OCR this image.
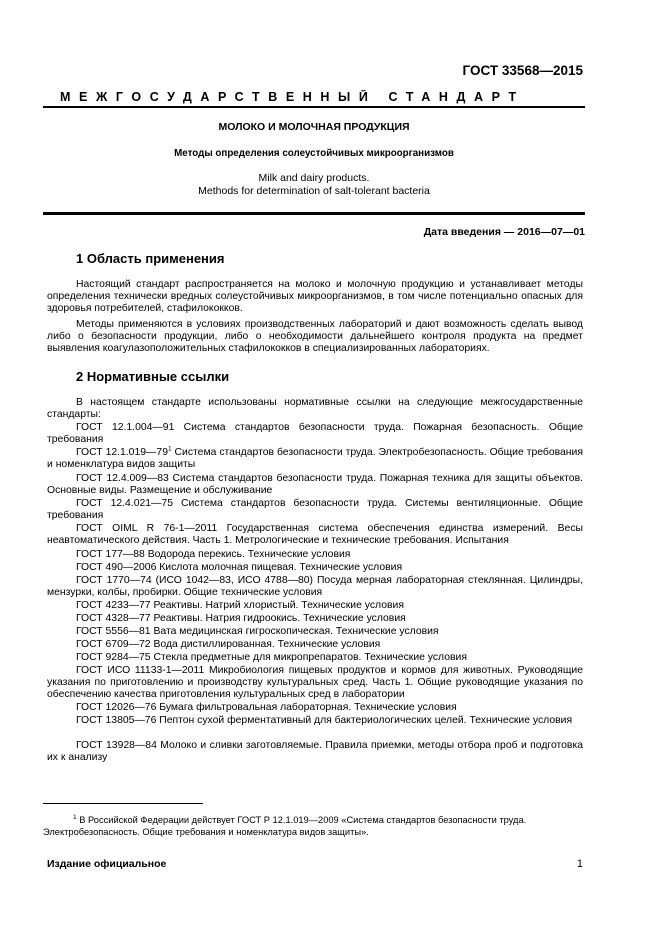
ГОСТ 33568—2015
МЕЖГОСУДАРСТВЕННЫЙ СТАНДАРТ
МОЛОКО И МОЛОЧНАЯ ПРОДУКЦИЯ
Методы определения солеустойчивых микроорганизмов
Milk and dairy products.
Methods for determination of salt-tolerant bacteria
Дата введения — 2016—07—01
1 Область применения
Настоящий стандарт распространяется на молоко и молочную продукцию и устанавливает методы определения технически вредных солеустойчивых микроорганизмов, в том числе потенциально опасных для здоровья потребителей, стафилококков.
Методы применяются в условиях производственных лабораторий и дают возможность сделать вывод либо о безопасности продукции, либо о необходимости дальнейшего контроля продукта на предмет выявления коагулазоположительных стафилококков в специализированных лабораториях.
2 Нормативные ссылки
В настоящем стандарте использованы нормативные ссылки на следующие межгосударственные стандарты:
ГОСТ 12.1.004—91 Система стандартов безопасности труда. Пожарная безопасность. Общие требования
ГОСТ $12.1.019—79^1$ Система стандартов безопасности труда. Электробезопасность. Общие требования и номенклатура видов защиты
ГОСТ 12.4.009—83 Система стандартов безопасности труда. Пожарная техника для защиты объектов. Основные виды. Размещение и обслуживание
ГОСТ 12.4.021—75 Система стандартов безопасности труда. Системы вентиляционные. Общие требования
ГОСТ OIML R 76-1—2011 Государственная система обеспечения единства измерений. Весы неавтоматического действия. Часть 1. Метрологические и технические требования. Испытания
ГОСТ 177—88 Водорода перекись. Технические условия
ГОСТ 490—2006 Кислота молочная пищевая. Технические условия
ГОСТ 1770—74 (ИСО 1042—83, ИСО 4788—80) Посуда мерная лабораторная стеклянная. Цилиндры, мензурки, колбы, пробирки. Общие технические условия
ГОСТ 4233—77 Реактивы. Натрий хлористый. Технические условия
ГОСТ 4328—77 Реактивы. Натрия гидроокись. Технические условия
ГОСТ 5556—81 Вата медицинская гигроскопическая. Технические условия
ГОСТ 6709—72 Вода дистиллированная. Технические условия
ГОСТ 9284—75 Стекла предметные для микропрепаратов. Технические условия
ГОСТ ИСО 11133-1—2011 Микробиология пищевых продуктов и кормов для животных. Руководящие указания по приготовлению и производству культуральных сред. Часть 1. Общие руководящие указания по обеспечению качества приготовления культуральных сред в лаборатории
ГОСТ 12026—76 Бумага фильтровальная лабораторная. Технические условия
ГОСТ 13805—76 Пептон сухой ферментативный для бактериологических целей. Технические условия
ГОСТ 13928—84 Молоко и сливки заготовляемые. Правила приемки, методы отбора проб и подготовка их к анализу
$^1$ В Российской Федерации действует ГОСТ Р 12.1.019—2009 «Система стандартов безопасности труда. Электробезопасность. Общие требования и номенклатура видов защиты».
Издание официальное	1
